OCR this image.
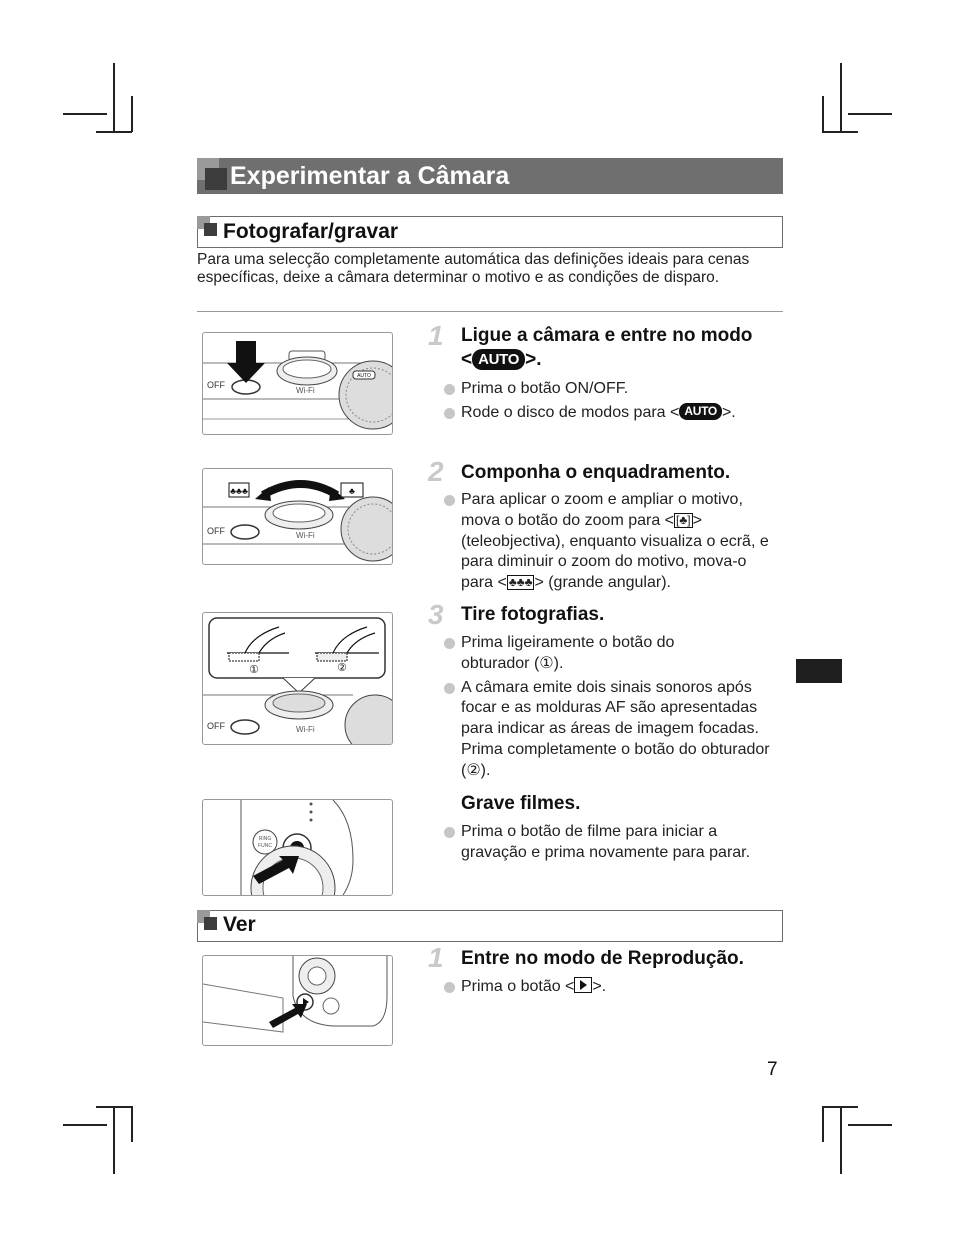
Experimentar a Câmara
Fotografar/gravar
Para uma selecção completamente automática das definições ideais para cenas específicas, deixe a câmara determinar o motivo e as condições de disparo.
AUTO
OFF
Wi-Fi
1 Ligue a câmara e entre no modo
< AUTO >.
Prima o botão ON/OFF.
Rode o disco de modos para < AUTO >.
♣♣♣	♣
OFF	Wi-Fi
2 Componha o enquadramento.
Para aplicar o zoom e ampliar o motivo, mova o botão do zoom para < [♣] > (teleobjectiva), enquanto visualiza o ecrã, e para diminuir o zoom do motivo, mova-o para < ♣♣♣ > (grande angular).
①	②
OFF	Wi-Fi
3 Tire fotografias.
Prima ligeiramente o botão do obturador (①).
A câmara emite dois sinais sonoros após focar e as molduras AF são apresentadas para indicar as áreas de imagem focadas. Prima completamente o botão do obturador (②).
RING
FUNC
Grave filmes.
Prima o botão de filme para iniciar a gravação e prima novamente para parar.
Ver
1 Entre no modo de Reprodução.
Prima o botão < >.
7
